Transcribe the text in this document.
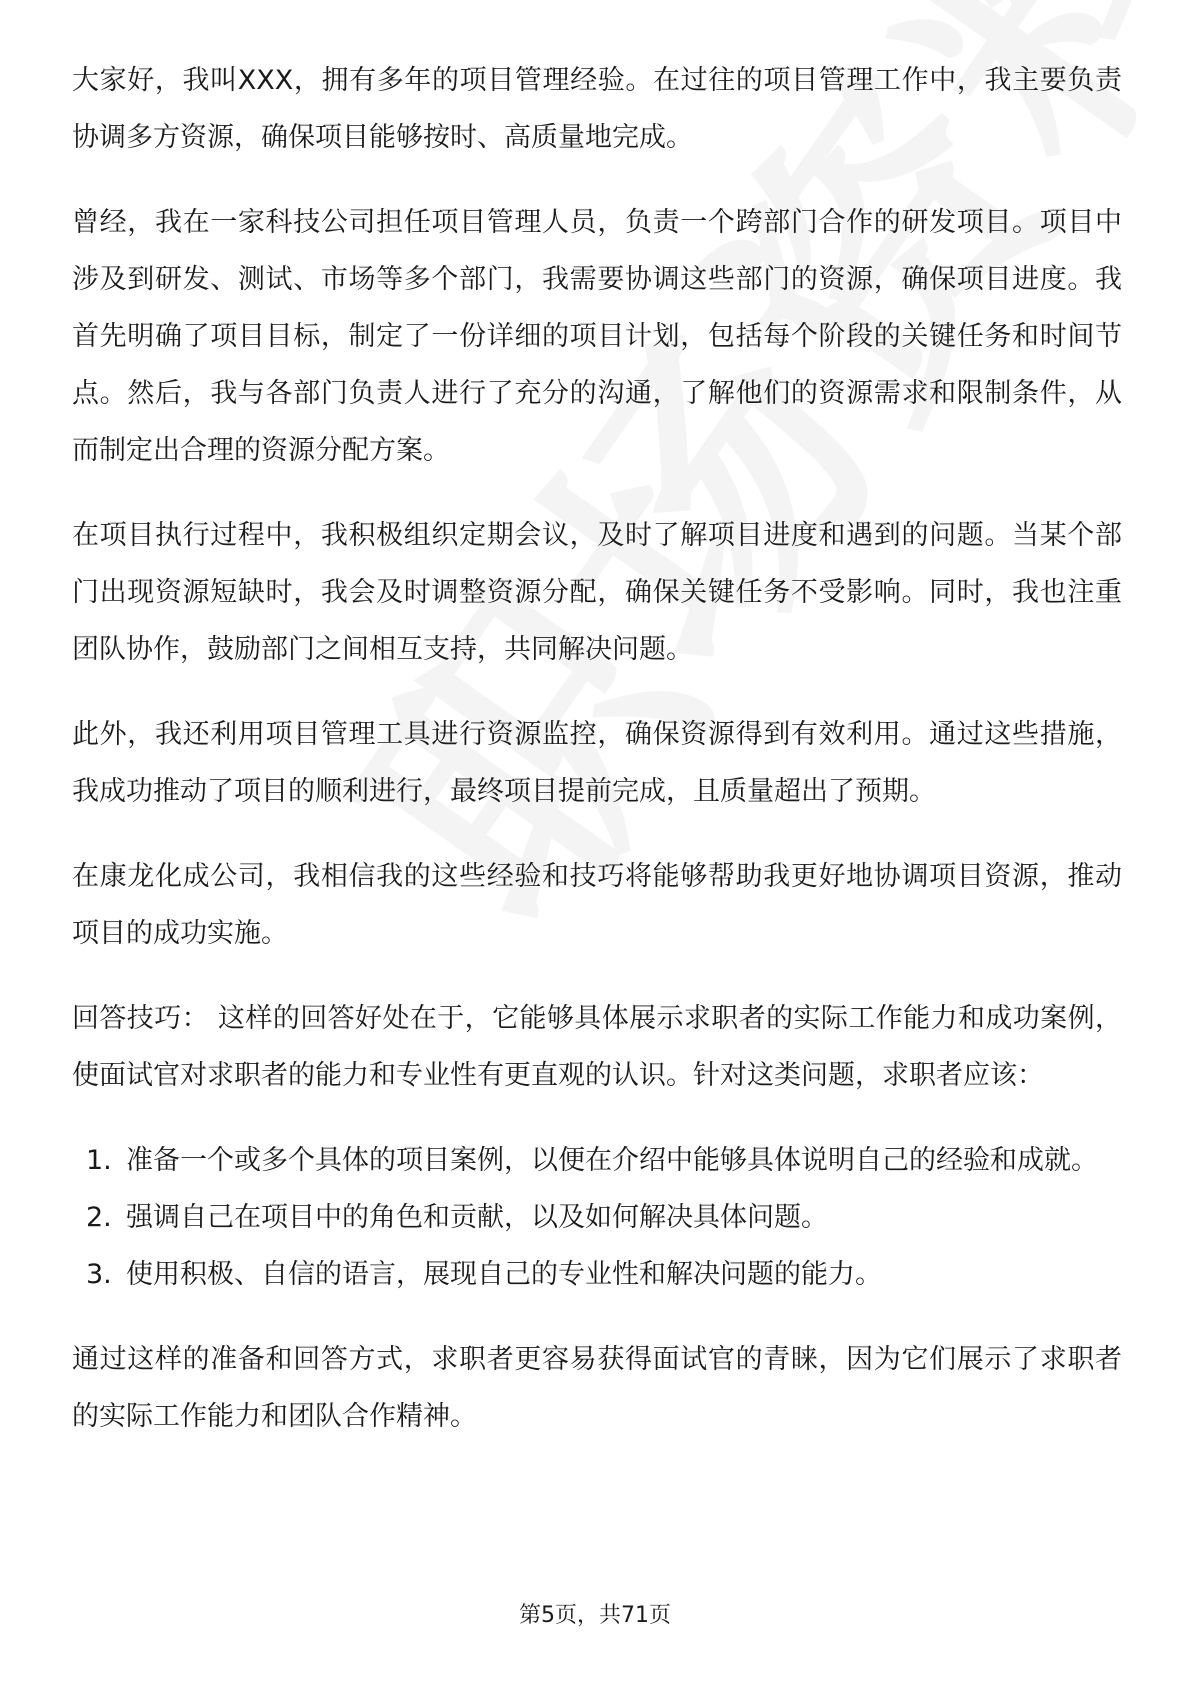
大家好，我叫XXX，拥有多年的项目管理经验。在过往的项目管理工作中，我主要负责协调多方资源，确保项目能够按时、高质量地完成。

曾经，我在一家科技公司担任项目管理人员，负责一个跨部门合作的研发项目。项目中涉及到研发、测试、市场等多个部门，我需要协调这些部门的资源，确保项目进度。我首先明确了项目目标，制定了一份详细的项目计划，包括每个阶段的关键任务和时间节点。然后，我与各部门负责人进行了充分的沟通，了解他们的资源需求和限制条件，从而制定出合理的资源分配方案。

在项目执行过程中，我积极组织定期会议，及时了解项目进度和遇到的问题。当某个部门出现资源短缺时，我会及时调整资源分配，确保关键任务不受影响。同时，我也注重团队协作，鼓励部门之间相互支持，共同解决问题。

此外，我还利用项目管理工具进行资源监控，确保资源得到有效利用。通过这些措施，我成功推动了项目的顺利进行，最终项目提前完成，且质量超出了预期。

在康龙化成公司，我相信我的这些经验和技巧将能够帮助我更好地协调项目资源，推动项目的成功实施。

回答技巧： 这样的回答好处在于，它能够具体展示求职者的实际工作能力和成功案例，使面试官对求职者的能力和专业性有更直观的认识。针对这类问题，求职者应该：

1. 准备一个或多个具体的项目案例，以便在介绍中能够具体说明自己的经验和成就。
2. 强调自己在项目中的角色和贡献，以及如何解决具体问题。
3. 使用积极、自信的语言，展现自己的专业性和解决问题的能力。

通过这样的准备和回答方式，求职者更容易获得面试官的青睐，因为它们展示了求职者的实际工作能力和团队合作精神。

第5页，共71页
